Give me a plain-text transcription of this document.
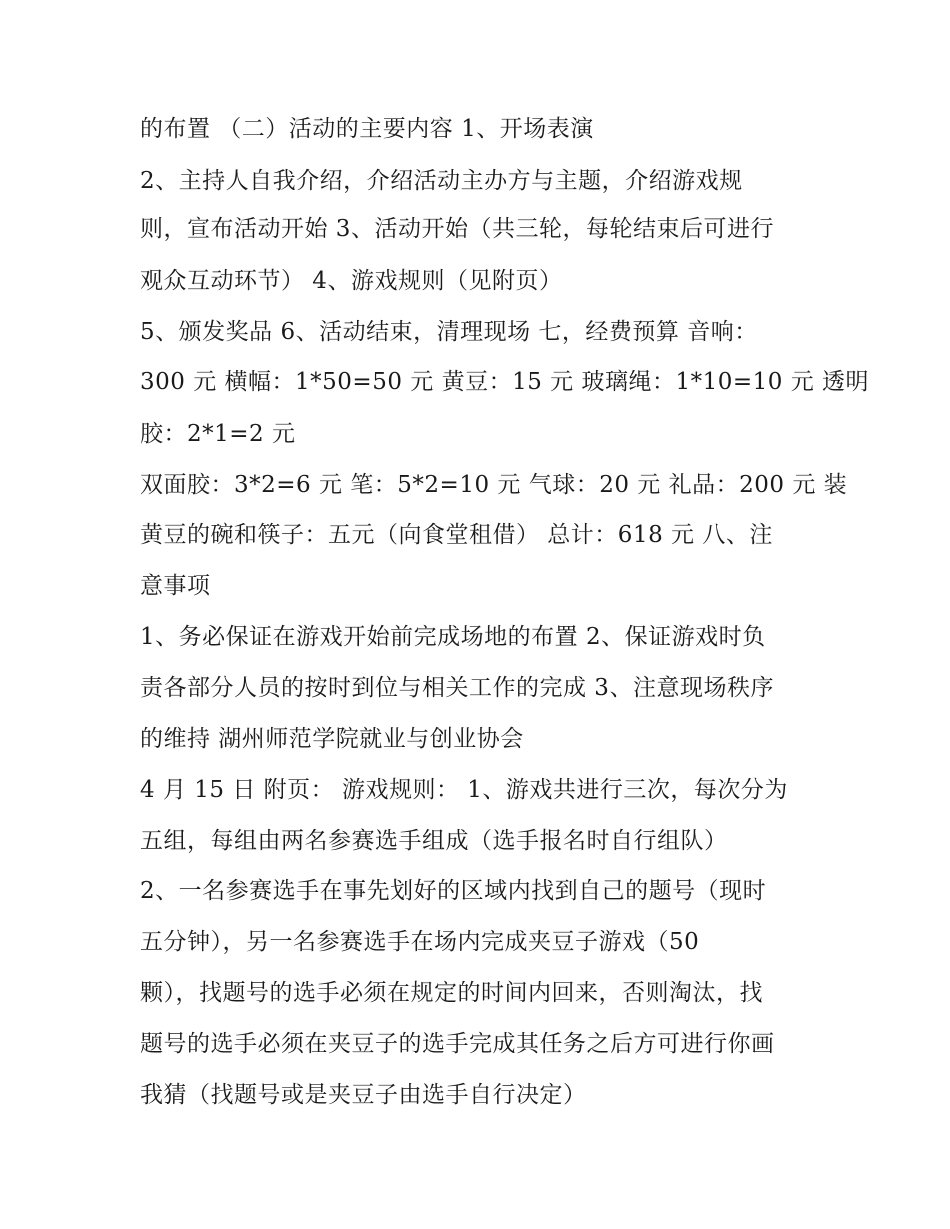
的布置 （二）活动的主要内容 1、开场表演
2、主持人自我介绍，介绍活动主办方与主题，介绍游戏规
则，宣布活动开始 3、活动开始（共三轮，每轮结束后可进行
观众互动环节） 4、游戏规则（见附页）
5、颁发奖品 6、活动结束，清理现场 七，经费预算 音响：
300 元 横幅：1*50=50 元 黄豆：15 元 玻璃绳：1*10=10 元 透明
胶：2*1=2 元
双面胶：3*2=6 元 笔：5*2=10 元 气球：20 元 礼品：200 元 装
黄豆的碗和筷子：五元（向食堂租借） 总计：618 元 八、注
意事项
1、务必保证在游戏开始前完成场地的布置 2、保证游戏时负
责各部分人员的按时到位与相关工作的完成 3、注意现场秩序
的维持 湖州师范学院就业与创业协会
4 月 15 日 附页： 游戏规则： 1、游戏共进行三次，每次分为
五组，每组由两名参赛选手组成（选手报名时自行组队）
2、一名参赛选手在事先划好的区域内找到自己的题号（现时
五分钟），另一名参赛选手在场内完成夹豆子游戏（50
颗），找题号的选手必须在规定的时间内回来，否则淘汰，找
题号的选手必须在夹豆子的选手完成其任务之后方可进行你画
我猜（找题号或是夹豆子由选手自行决定）
